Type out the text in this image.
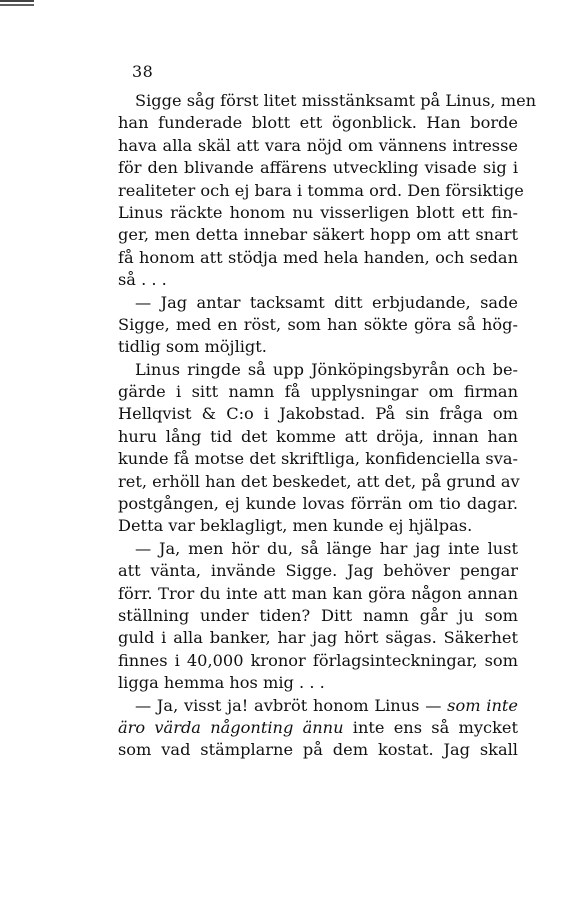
38
Sigge såg först litet misstänksamt på Linus, men
han funderade blott ett ögonblick. Han borde
hava alla skäl att vara nöjd om vännens intresse
för den blivande affärens utveckling visade sig i
realiteter och ej bara i tomma ord. Den försiktige
Linus räckte honom nu visserligen blott ett fin-
ger, men detta innebar säkert hopp om att snart
få honom att stödja med hela handen, och sedan
så . . .
— Jag antar tacksamt ditt erbjudande, sade
Sigge, med en röst, som han sökte göra så hög-
tidlig som möjligt.
Linus ringde så upp Jönköpingsbyrån och be-
gärde i sitt namn få upplysningar om firman
Hellqvist & C:o i Jakobstad. På sin fråga om
huru lång tid det komme att dröja, innan han
kunde få motse det skriftliga, konfidenciella sva-
ret, erhöll han det beskedet, att det, på grund av
postgången, ej kunde lovas förrän om tio dagar.
Detta var beklagligt, men kunde ej hjälpas.
— Ja, men hör du, så länge har jag inte lust
att vänta, invände Sigge. Jag behöver pengar
förr. Tror du inte att man kan göra någon annan
ställning under tiden? Ditt namn går ju som
guld i alla banker, har jag hört sägas. Säkerhet
finnes i 40,000 kronor förlagsinteckningar, som
ligga hemma hos mig . . .
— Ja, visst ja! avbröt honom Linus — som inte
äro värda någonting ännu inte ens så mycket
som vad stämplarne på dem kostat. Jag skall
